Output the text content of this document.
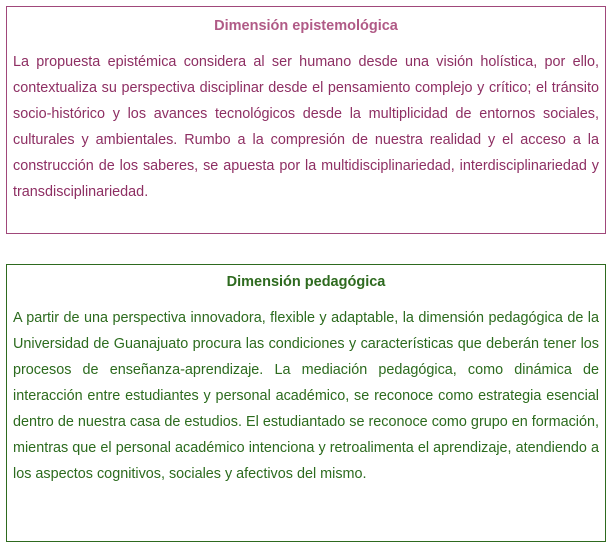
Dimensión epistemológica

La propuesta epistémica considera al ser humano desde una visión holística, por ello, contextualiza su perspectiva disciplinar desde el pensamiento complejo y crítico; el tránsito socio-histórico y los avances tecnológicos desde la multiplicidad de entornos sociales, culturales y ambientales. Rumbo a la compresión de nuestra realidad y el acceso a la construcción de los saberes, se apuesta por la multidisciplinariedad, interdisciplinariedad y transdisciplinariedad.

Dimensión pedagógica

A partir de una perspectiva innovadora, flexible y adaptable, la dimensión pedagógica de la Universidad de Guanajuato procura las condiciones y características que deberán tener los procesos de enseñanza-aprendizaje. La mediación pedagógica, como dinámica de interacción entre estudiantes y personal académico, se reconoce como estrategia esencial dentro de nuestra casa de estudios. El estudiantado se reconoce como grupo en formación, mientras que el personal académico intenciona y retroalimenta el aprendizaje, atendiendo a los aspectos cognitivos, sociales y afectivos del mismo.
